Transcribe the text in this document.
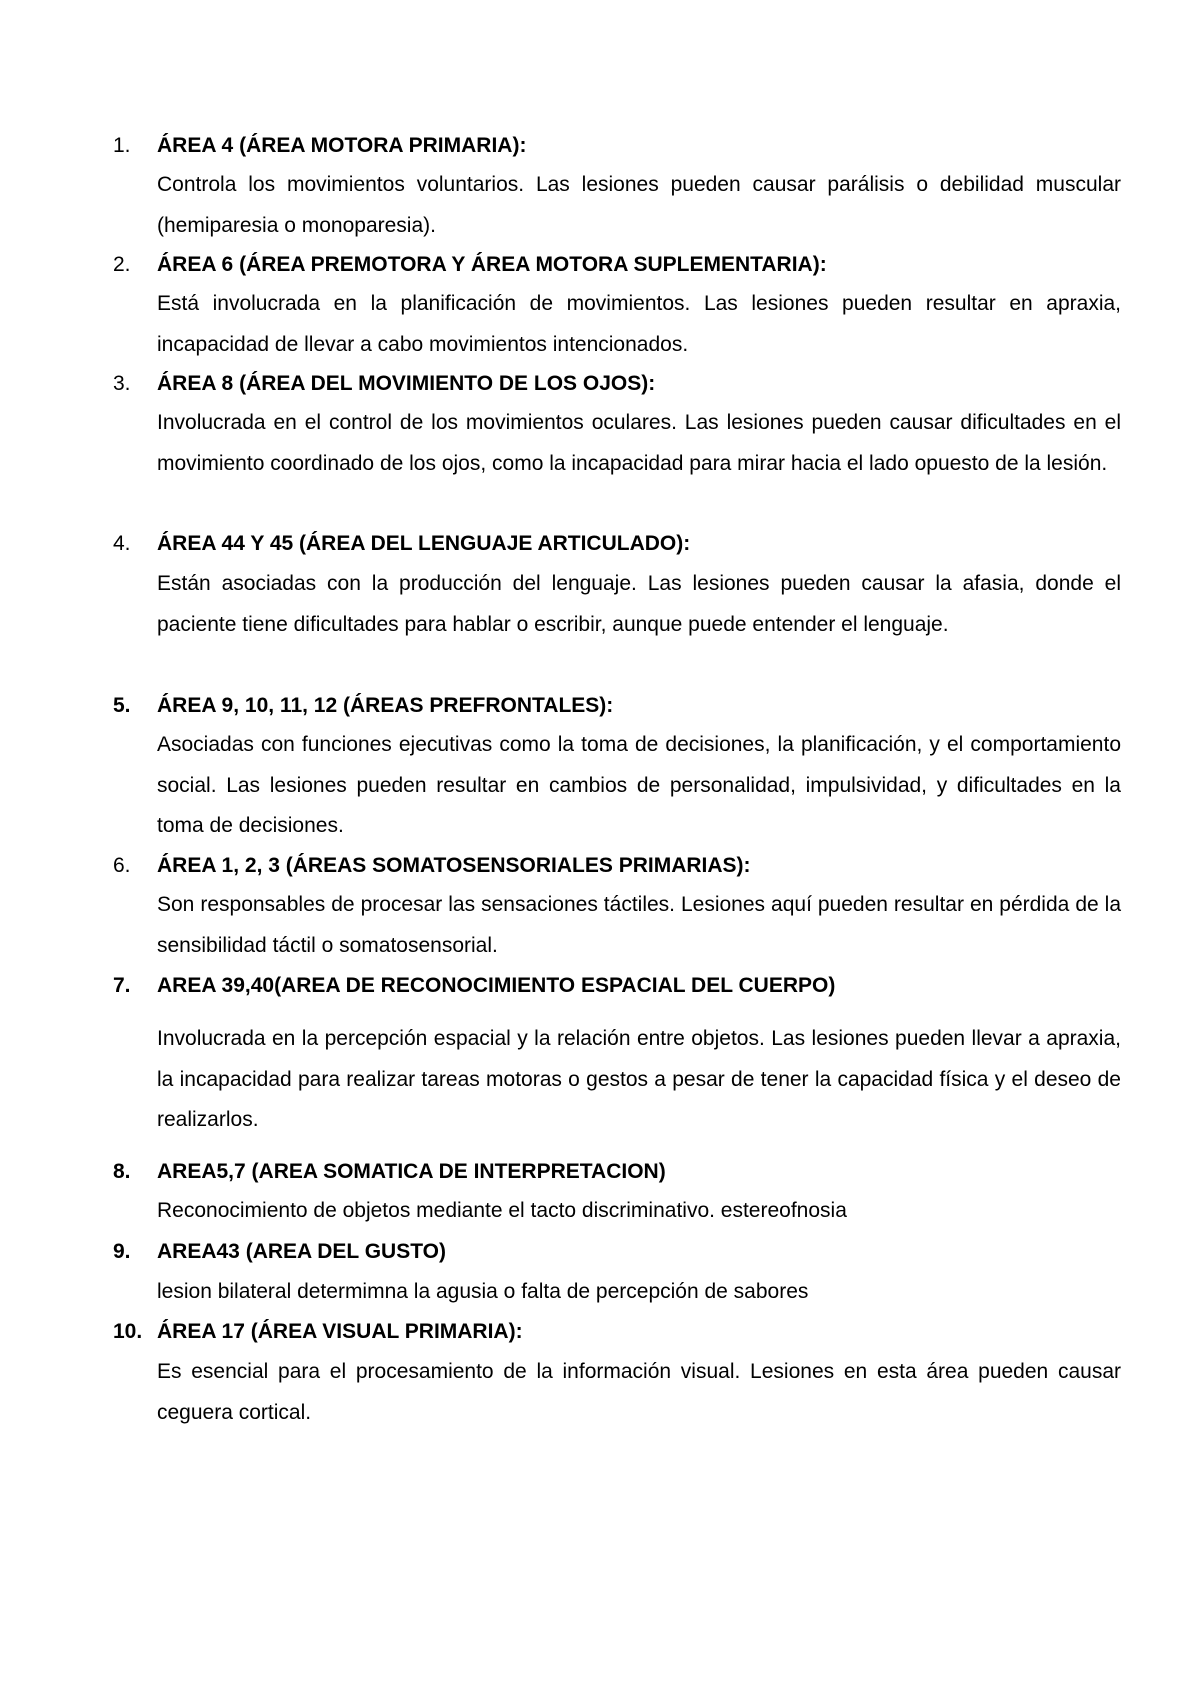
1.	ÁREA 4 (ÁREA MOTORA PRIMARIA):
Controla los movimientos voluntarios. Las lesiones pueden causar parálisis o debilidad muscular (hemiparesia o monoparesia).
2.	ÁREA 6 (ÁREA PREMOTORA Y ÁREA MOTORA SUPLEMENTARIA):
Está involucrada en la planificación de movimientos. Las lesiones pueden resultar en apraxia, incapacidad de llevar a cabo movimientos intencionados.
3.	ÁREA 8 (ÁREA DEL MOVIMIENTO DE LOS OJOS):
Involucrada en el control de los movimientos oculares. Las lesiones pueden causar dificultades en el movimiento coordinado de los ojos, como la incapacidad para mirar hacia el lado opuesto de la lesión.
4.	ÁREA 44 Y 45 (ÁREA DEL LENGUAJE ARTICULADO):
Están asociadas con la producción del lenguaje. Las lesiones pueden causar la afasia, donde el paciente tiene dificultades para hablar o escribir, aunque puede entender el lenguaje.
5.	ÁREA 9, 10, 11, 12 (ÁREAS PREFRONTALES):
Asociadas con funciones ejecutivas como la toma de decisiones, la planificación, y el comportamiento social. Las lesiones pueden resultar en cambios de personalidad, impulsividad, y dificultades en la toma de decisiones.
6.	ÁREA 1, 2, 3 (ÁREAS SOMATOSENSORIALES PRIMARIAS):
Son responsables de procesar las sensaciones táctiles. Lesiones aquí pueden resultar en pérdida de la sensibilidad táctil o somatosensorial.
7.	AREA 39,40(AREA DE RECONOCIMIENTO ESPACIAL DEL CUERPO)
Involucrada en la percepción espacial y la relación entre objetos. Las lesiones pueden llevar a apraxia, la incapacidad para realizar tareas motoras o gestos a pesar de tener la capacidad física y el deseo de realizarlos.
8.	AREA5,7 (AREA SOMATICA DE INTERPRETACION)
Reconocimiento de objetos mediante el tacto discriminativo. estereofnosia
9.	AREA43 (AREA DEL GUSTO)
lesion bilateral determimna la agusia o falta de percepción de sabores
10. ÁREA 17 (ÁREA VISUAL PRIMARIA):
Es esencial para el procesamiento de la información visual. Lesiones en esta área pueden causar ceguera cortical.
